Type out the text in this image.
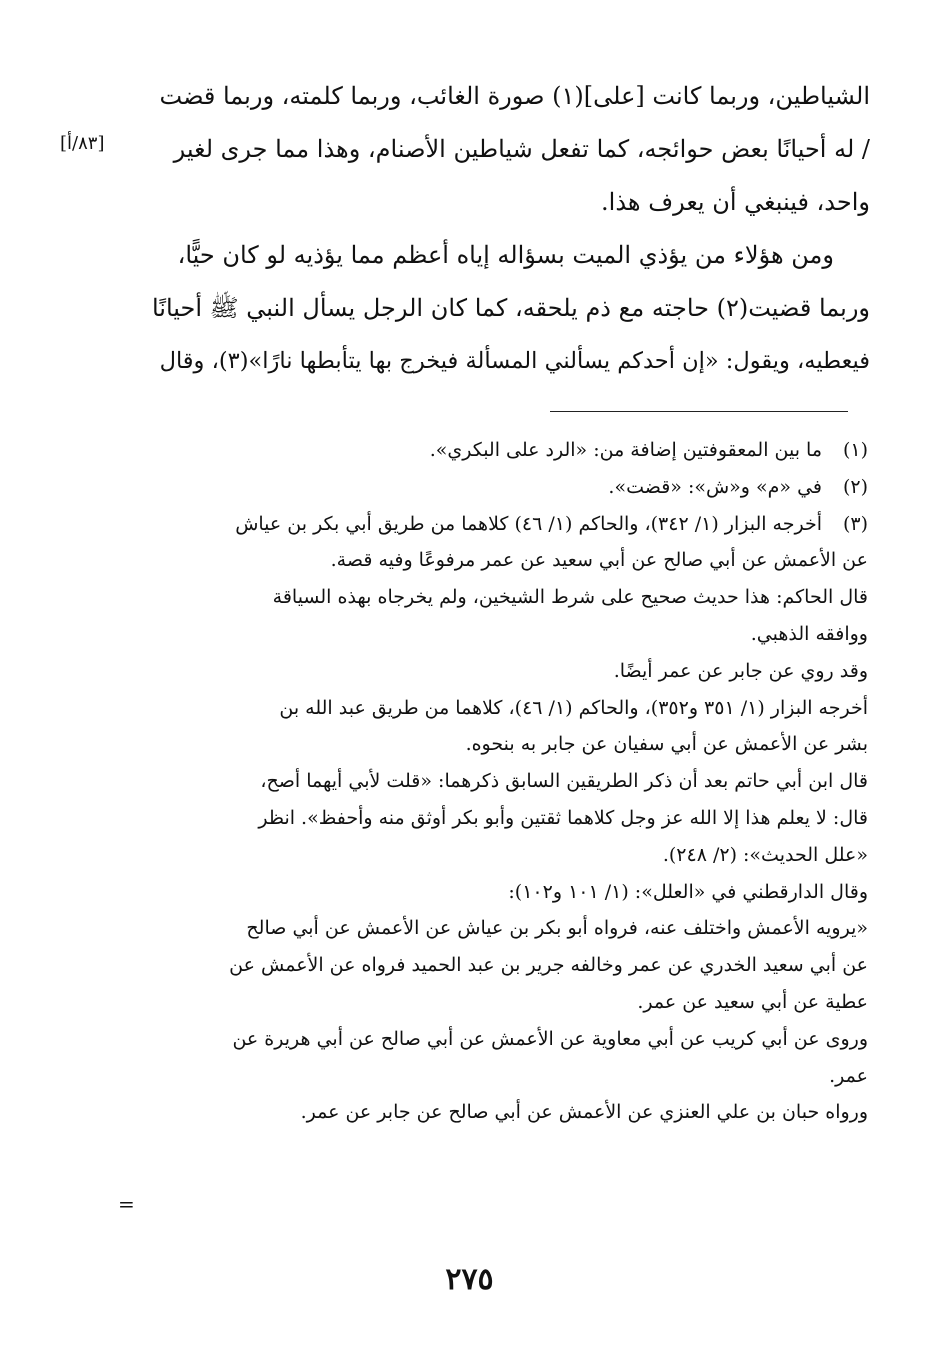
الشياطين، وربما كانت [على](١) صورة الغائب، وربما كلمته، وربما قضت
/ له أحيانًا بعض حوائجه، كما تفعل شياطين الأصنام، وهذا مما جرى لغير
واحد، فينبغي أن يعرف هذا.
ومن هؤلاء من يؤذي الميت بسؤاله إياه أعظم مما يؤذيه لو كان حيًّا،
وربما قضيت(٢) حاجته مع ذم يلحقه، كما كان الرجل يسأل النبي ﷺ أحيانًا
فيعطيه، ويقول: «إن أحدكم يسألني المسألة فيخرج بها يتأبطها نارًا»(٣)، وقال
[٨٣/أ]
(١)
ما بين المعقوفتين إضافة من: «الرد على البكري».
(٢)
في «م» و«ش»: «قضت».
(٣)
أخرجه البزار (١/ ٣٤٢)، والحاكم (١/ ٤٦) كلاهما من طريق أبي بكر بن عياش
عن الأعمش عن أبي صالح عن أبي سعيد عن عمر مرفوعًا وفيه قصة.
قال الحاكم: هذا حديث صحيح على شرط الشيخين، ولم يخرجاه بهذه السياقة
ووافقه الذهبي.
وقد روي عن جابر عن عمر أيضًا.
أخرجه البزار (١/ ٣٥١ و٣٥٢)، والحاكم (١/ ٤٦)، كلاهما من طريق عبد الله بن
بشر عن الأعمش عن أبي سفيان عن جابر به بنحوه.
قال ابن أبي حاتم بعد أن ذكر الطريقين السابق ذكرهما: «قلت لأبي أيهما أصح،
قال: لا يعلم هذا إلا الله عز وجل كلاهما ثقتين وأبو بكر أوثق منه وأحفظ». انظر
«علل الحديث»: (٢/ ٢٤٨).
وقال الدارقطني في «العلل»: (١/ ١٠١ و١٠٢):
«يرويه الأعمش واختلف عنه، فرواه أبو بكر بن عياش عن الأعمش عن أبي صالح
عن أبي سعيد الخدري عن عمر وخالفه جرير بن عبد الحميد فرواه عن الأعمش عن
عطية عن أبي سعيد عن عمر.
وروى عن أبي كريب عن أبي معاوية عن الأعمش عن أبي صالح عن أبي هريرة عن
عمر.
ورواه حبان بن علي العنزي عن الأعمش عن أبي صالح عن جابر عن عمر.
=
٢٧٥
